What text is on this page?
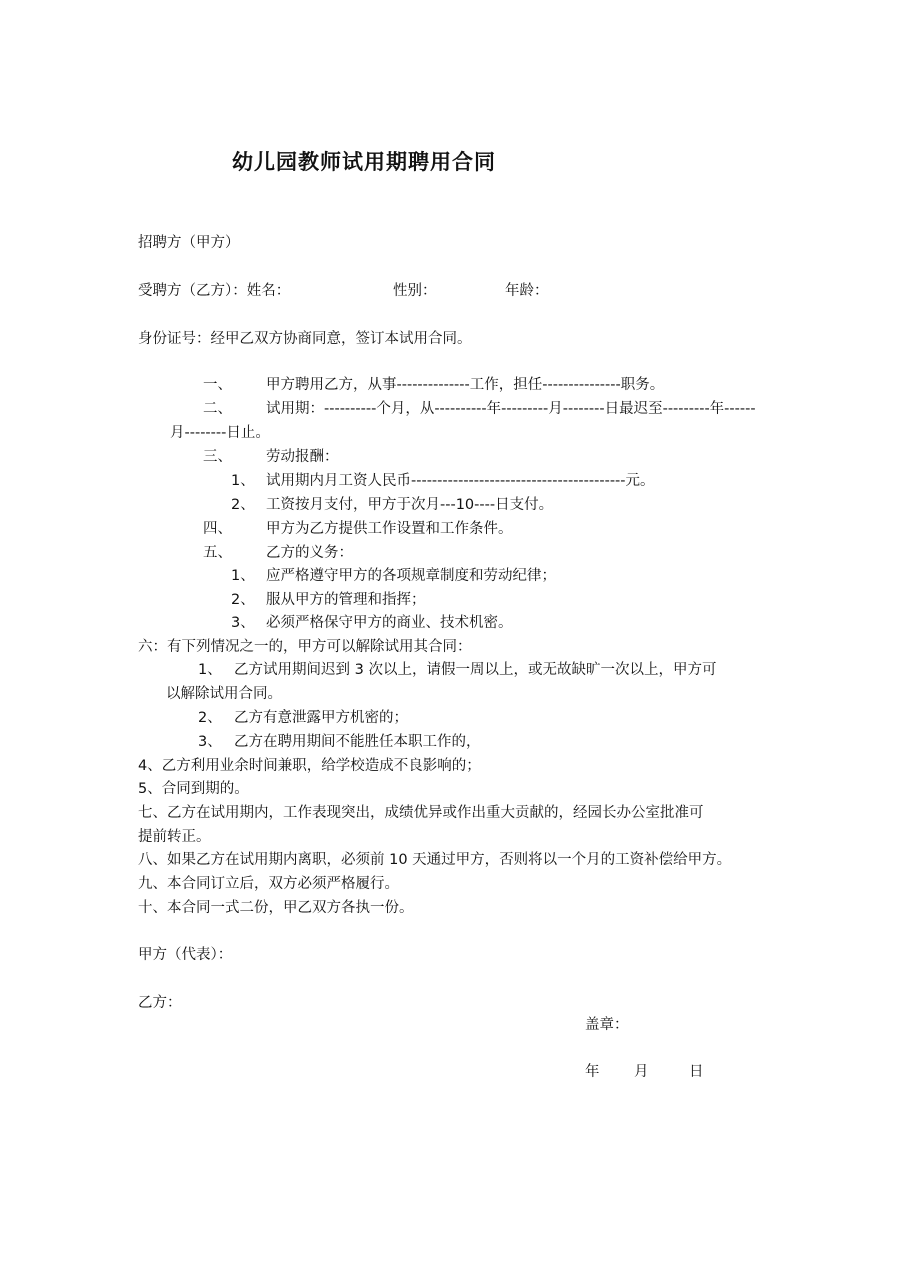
幼儿园教师试用期聘用合同
招聘方（甲方）
受聘方（乙方）：姓名：	性别：	年龄：
身份证号：经甲乙双方协商同意，签订本试用合同。
一、 甲方聘用乙方，从事--------------工作，担任---------------职务。
二、 试用期：----------个月，从----------年---------月--------日最迟至---------年------
月--------日止。
三、 劳动报酬：
1、 试用期内月工资人民币-----------------------------------------元。
2、 工资按月支付，甲方于次月---10----日支付。
四、 甲方为乙方提供工作设置和工作条件。
五、 乙方的义务：
1、 应严格遵守甲方的各项规章制度和劳动纪律；
2、 服从甲方的管理和指挥；
3、 必须严格保守甲方的商业、技术机密。
六：有下列情况之一的，甲方可以解除试用其合同：
1、 乙方试用期间迟到 3 次以上，请假一周以上，或无故缺旷一次以上，甲方可
以解除试用合同。
2、 乙方有意泄露甲方机密的；
3、 乙方在聘用期间不能胜任本职工作的，
4、乙方利用业余时间兼职，给学校造成不良影响的；
5、合同到期的。
七、乙方在试用期内，工作表现突出，成绩优异或作出重大贡献的，经园长办公室批准可
提前转正。
八、如果乙方在试用期内离职，必须前 10 天通过甲方，否则将以一个月的工资补偿给甲方。
九、本合同订立后，双方必须严格履行。
十、本合同一式二份，甲乙双方各执一份。
甲方（代表）：
乙方：
盖章：
年 月	日
